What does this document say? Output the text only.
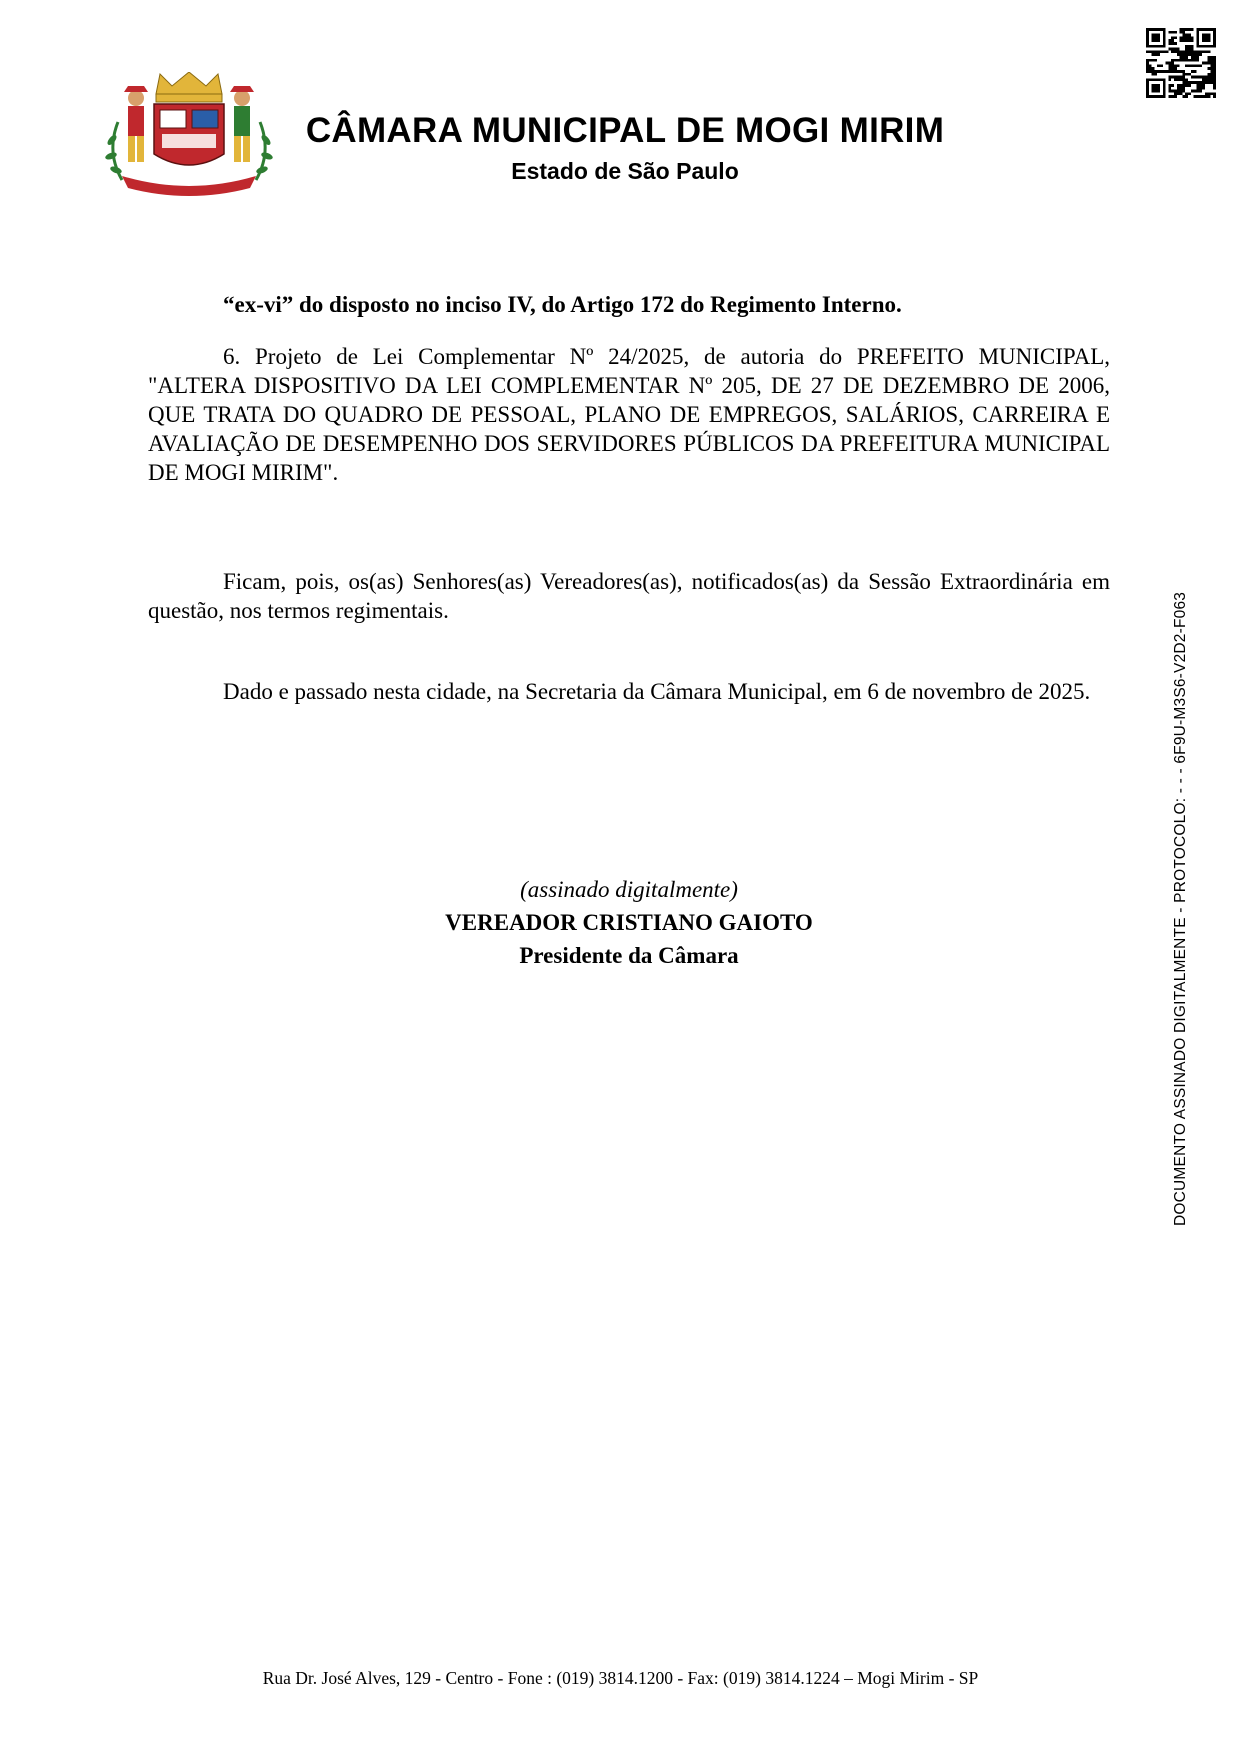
CÂMARA MUNICIPAL DE MOGI MIRIM
Estado de São Paulo

“ex-vi” do disposto no inciso IV, do Artigo 172 do Regimento Interno.

6. Projeto de Lei Complementar Nº 24/2025, de autoria do PREFEITO MUNICIPAL, "ALTERA DISPOSITIVO DA LEI COMPLEMENTAR Nº 205, DE 27 DE DEZEMBRO DE 2006, QUE TRATA DO QUADRO DE PESSOAL, PLANO DE EMPREGOS, SALÁRIOS, CARREIRA E AVALIAÇÃO DE DESEMPENHO DOS SERVIDORES PÚBLICOS DA PREFEITURA MUNICIPAL DE MOGI MIRIM".

Ficam, pois, os(as) Senhores(as) Vereadores(as), notificados(as) da Sessão Extraordinária em questão, nos termos regimentais.

Dado e passado nesta cidade, na Secretaria da Câmara Municipal, em 6 de novembro de 2025.

(assinado digitalmente)
VEREADOR CRISTIANO GAIOTO
Presidente da Câmara	DOCUMENTO ASSINADO DIGITALMENTE - PROTOCOLO: - - - 6F9U-M3S6-V2D2-F063
Rua Dr. José Alves, 129 - Centro - Fone : (019) 3814.1200 - Fax: (019) 3814.1224 – Mogi Mirim - SP
